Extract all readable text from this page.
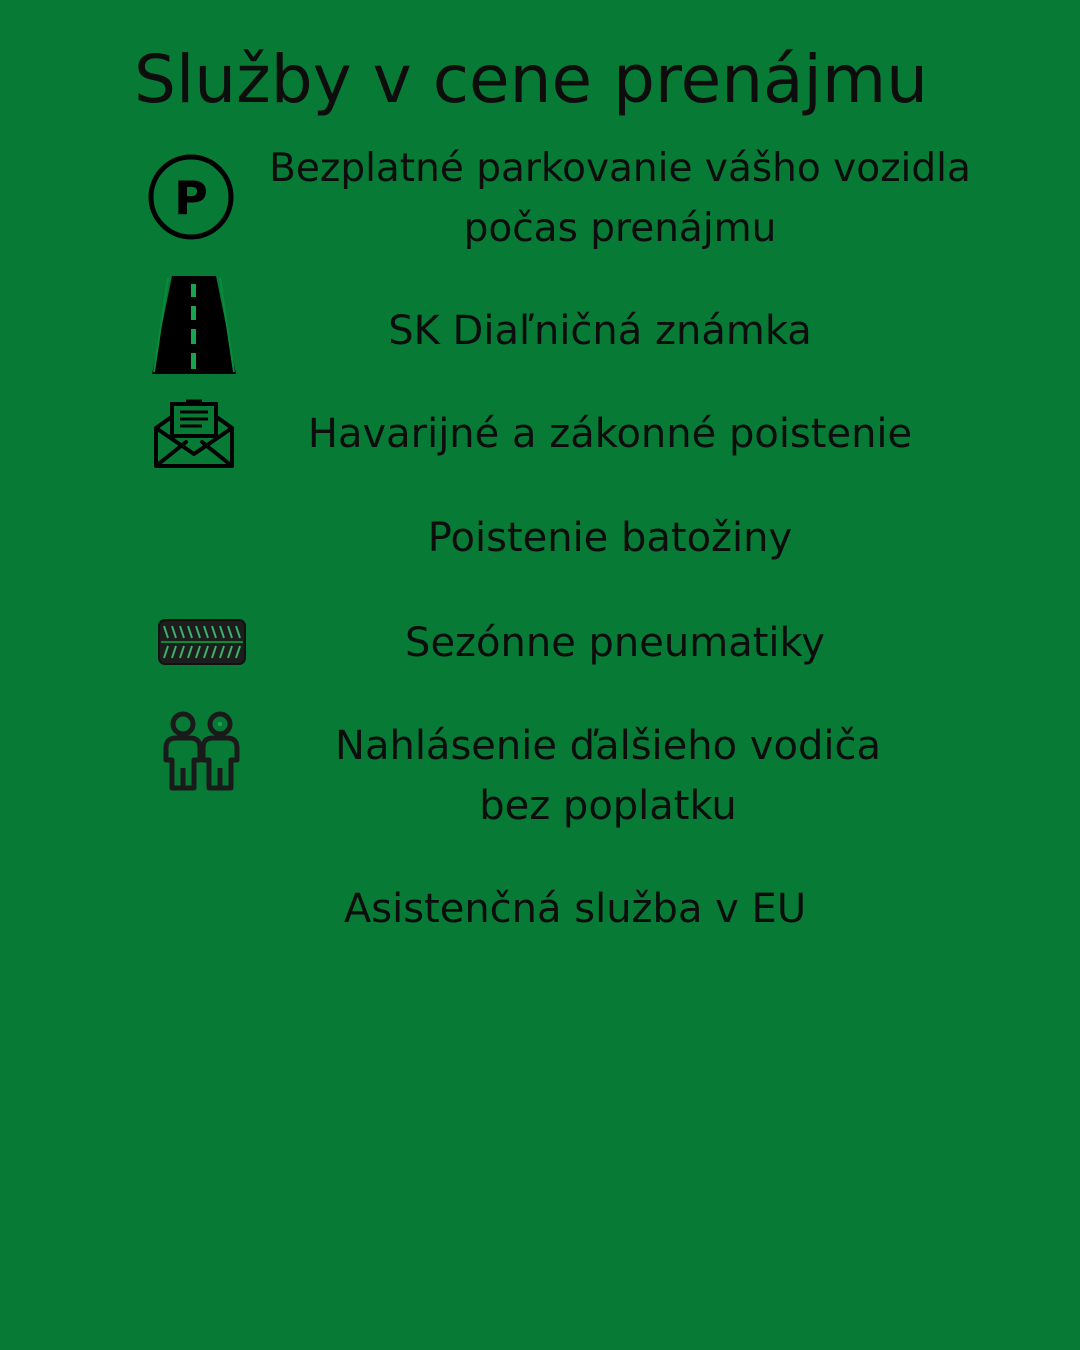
Služby v cene prenájmu
P

Bezplatné parkovanie vášho vozidla
počas prenájmu

SK Diaľničná známka

Havarijné a zákonné poistenie

Poistenie batožiny

Sezónne pneumatiky

Nahlásenie ďalšieho vodiča
bez poplatku

Asistenčná služba v EU
